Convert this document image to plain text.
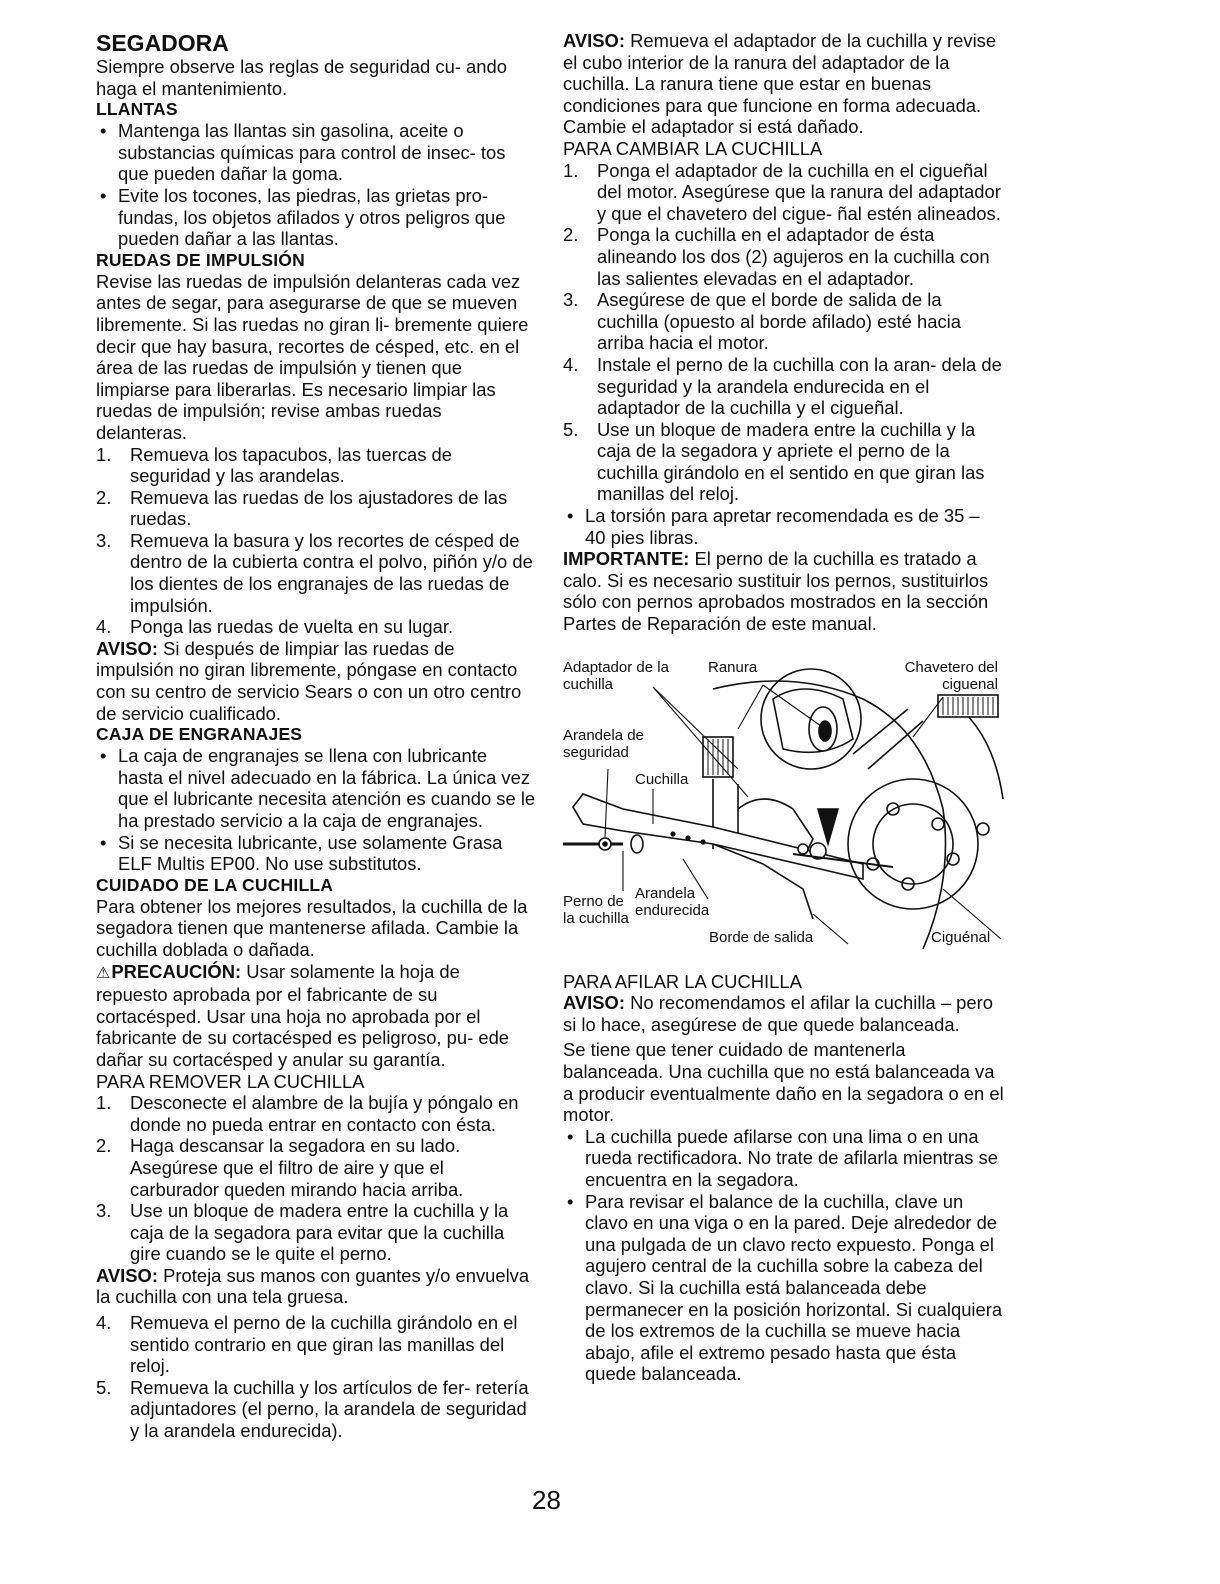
SEGADORA

Siempre observe las reglas de seguridad cu- ando haga el mantenimiento.

LLANTAS
• Mantenga las llantas sin gasolina, aceite o substancias químicas para control de insec- tos que pueden dañar la goma.
• Evite los tocones, las piedras, las grietas pro- fundas, los objetos afilados y otros peligros que pueden dañar a las llantas.
RUEDAS DE IMPULSIÓN

Revise las ruedas de impulsión delanteras cada vez antes de segar, para asegurarse de que se mueven libremente. Si las ruedas no giran li- bremente quiere decir que hay basura, recortes de césped, etc. en el área de las ruedas de impulsión y tienen que limpiarse para liberarlas. Es necesario limpiar las ruedas de impulsión; revise ambas ruedas delanteras.

1.	Remueva los tapacubos, las tuercas de seguridad y las arandelas.
2.	Remueva las ruedas de los ajustadores de las ruedas.
3.	Remueva la basura y los recortes de césped de dentro de la cubierta contra el polvo, piñón y/o de los dientes de los engranajes de las ruedas de impulsión.
4.	Ponga las ruedas de vuelta en su lugar.

AVISO: Si después de limpiar las ruedas de impulsión no giran libremente, póngase en contacto con su centro de servicio Sears o con un otro centro de servicio cualificado.

CAJA DE ENGRANAJES
• La caja de engranajes se llena con lubricante hasta el nivel adecuado en la fábrica. La única vez que el lubricante necesita atención es cuando se le ha prestado servicio a la caja de engranajes.
• Si se necesita lubricante, use solamente Grasa ELF Multis EP00. No use substitutos.
CUIDADO DE LA CUCHILLA

Para obtener los mejores resultados, la cuchilla de la segadora tienen que mantenerse afilada. Cambie la cuchilla doblada o dañada.

⚠PRECAUCIÓN: Usar solamente la hoja de repuesto aprobada por el fabricante de su cortacésped. Usar una hoja no aprobada por el fabricante de su cortacésped es peligroso, pu- ede dañar su cortacésped y anular su garantía.

PARA REMOVER LA CUCHILLA

1.	Desconecte el alambre de la bujía y póngalo en donde no pueda entrar en contacto con ésta.
2.	Haga descansar la segadora en su lado. Asegúrese que el filtro de aire y que el carburador queden mirando hacia arriba.
3.	Use un bloque de madera entre la cuchilla y la caja de la segadora para evitar que la cuchilla gire cuando se le quite el perno.

AVISO: Proteja sus manos con guantes y/o envuelva la cuchilla con una tela gruesa.

4.	Remueva el perno de la cuchilla girándolo en el sentido contrario en que giran las manillas del reloj.
5.	Remueva la cuchilla y los artículos de fer- retería adjuntadores (el perno, la arandela de seguridad y la arandela endurecida).

AVISO: Remueva el adaptador de la cuchilla y revise el cubo interior de la ranura del adaptador de la cuchilla. La ranura tiene que estar en buenas condiciones para que funcione en forma adecuada. Cambie el adaptador si está dañado.

PARA CAMBIAR LA CUCHILLA

1.	Ponga el adaptador de la cuchilla en el cigueñal del motor. Asegúrese que la ranura del adaptador y que el chavetero del cigue- ñal estén alineados.
2.	Ponga la cuchilla en el adaptador de ésta alineando los dos (2) agujeros en la cuchilla con las salientes elevadas en el adaptador.
3.	Asegúrese de que el borde de salida de la cuchilla (opuesto al borde afilado) esté hacia arriba hacia el motor.
4.	Instale el perno de la cuchilla con la aran- dela de seguridad y la arandela endurecida en el adaptador de la cuchilla y el cigueñal.
5.	Use un bloque de madera entre la cuchilla y la caja de la segadora y apriete el perno de la cuchilla girándolo en el sentido en que giran las manillas del reloj.
• La torsión para apretar recomendada es de 35 – 40 pies libras.

IMPORTANTE: El perno de la cuchilla es tratado a calo. Si es necesario sustituir los pernos, sustituirlos sólo con pernos aprobados mostrados en la sección Partes de Reparación de este manual.

Adaptador de la cuchilla
Ranura	Chavetero del ciguenal
Arandela de seguridad
Cuchilla
Perno de la cuchilla
Arandela endurecida
Borde de salida	Ciguénal

PARA AFILAR LA CUCHILLA

AVISO: No recomendamos el afilar la cuchilla – pero si lo hace, asegúrese de que quede balanceada.

Se tiene que tener cuidado de mantenerla balanceada. Una cuchilla que no está balanceada va a producir eventualmente daño en la segadora o en el motor.

• La cuchilla puede afilarse con una lima o en una rueda rectificadora. No trate de afilarla mientras se encuentra en la segadora.
• Para revisar el balance de la cuchilla, clave un clavo en una viga o en la pared. Deje alrededor de una pulgada de un clavo recto expuesto. Ponga el agujero central de la cuchilla sobre la cabeza del clavo. Si la cuchilla está balanceada debe permanecer en la posición horizontal. Si cualquiera de los extremos de la cuchilla se mueve hacia abajo, afile el extremo pesado hasta que ésta quede balanceada.
28
